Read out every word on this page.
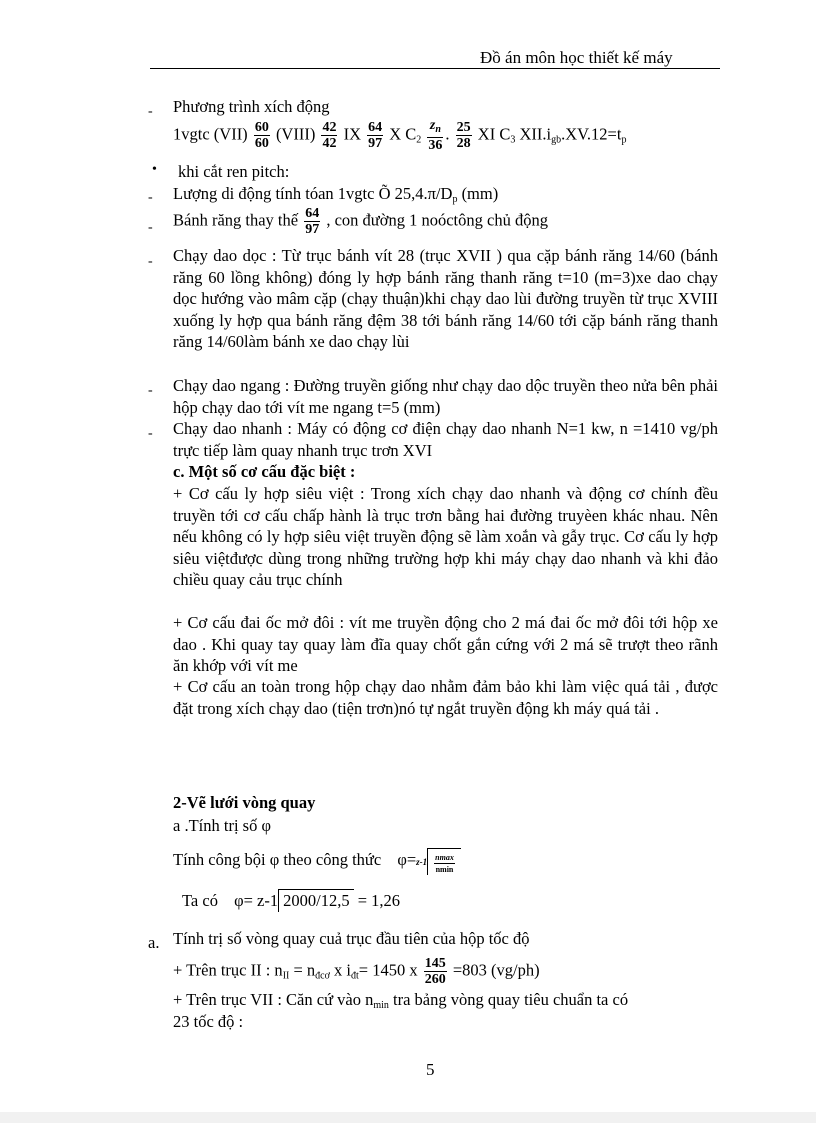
Đồ án môn học thiết kế máy
- Phương trình xích động
1vgtc $(VII) \frac{60}{60}$ (VIII) $\frac{42}{42}$ IX $\frac{64}{97}$ X $C_2 \frac{z_n}{36}$ . $\frac{25}{28}$ XI $C_3$ $XII.i_{gb}.XV.12=t_p$
• khi cắt ren pitch:
- Lượng di động tính tóan 1vgtc Õ $25,4.\pi/D_p$ (mm)
- Bánh răng thay thế $\frac{64}{97}$ , con đường 1 noóctông chủ động
- Chạy dao dọc : Từ trục bánh vít 28 (trục XVII ) qua cặp bánh răng 14/60 (bánh răng 60 lồng không) đóng ly hợp bánh răng thanh răng t=10 (m=3)xe dao chạy dọc hướng vào mâm cặp (chạy thuận)khi chạy dao lùi đường truyền từ trục XVIII xuống ly hợp qua bánh răng đệm 38 tới bánh răng 14/60 tới cặp bánh răng thanh răng 14/60làm bánh xe dao chạy lùi
- Chạy dao ngang : Đường truyền giống như chạy dao dộc truyền theo nửa bên phải hộp chạy dao tới vít me ngang t=5 (mm)
- Chạy dao nhanh : Máy có động cơ điện chạy dao nhanh N=1 kw, n =1410 vg/ph trực tiếp làm quay nhanh trục trơn XVI
c. Một số cơ cấu đặc biệt :
+ Cơ cấu ly hợp siêu việt : Trong xích chạy dao nhanh và động cơ chính đều truyền tới cơ cấu chấp hành là trục trơn bằng hai đường truyèen khác nhau. Nên nếu không có ly hợp siêu việt truyền động sẽ làm xoắn và gẫy trục. Cơ cấu ly hợp siêu việtđược dùng trong những trường hợp khi máy chạy dao nhanh và khi đảo chiều quay cảu trục chính
+ Cơ cấu đai ốc mở đôi : vít me truyền động cho 2 má đai ốc mở đôi tới hộp xe dao . Khi quay tay quay làm đĩa quay chốt gắn cứng với 2 má sẽ trượt theo rãnh ăn khớp với vít me
+ Cơ cấu an toàn trong hộp chạy dao nhằm đảm bảo khi làm việc quá tải , được đặt trong xích chạy dao (tiện trơn)nó tự ngắt truyền động kh máy quá tải .
2-Vẽ lưới vòng quay
a .Tính trị số φ
Tính công bội φ theo công thức $\varphi=z-1 \frac{nmax}{nmin}$
Ta có φ= z-1 2000/12,5 = 1,26
a. Tính trị số vòng quay cuả trục đầu tiên của hộp tốc độ
+ Trên trục II : $n_{II} = n_{đcơ}$ x $i_{đt}= 1450$ x $\frac{145}{260} =803$ (vg/ph)
+ Trên trục VII : Căn cứ vào $n_{min}$ tra bảng vòng quay tiêu chuẩn ta có
23 tốc độ :
5
